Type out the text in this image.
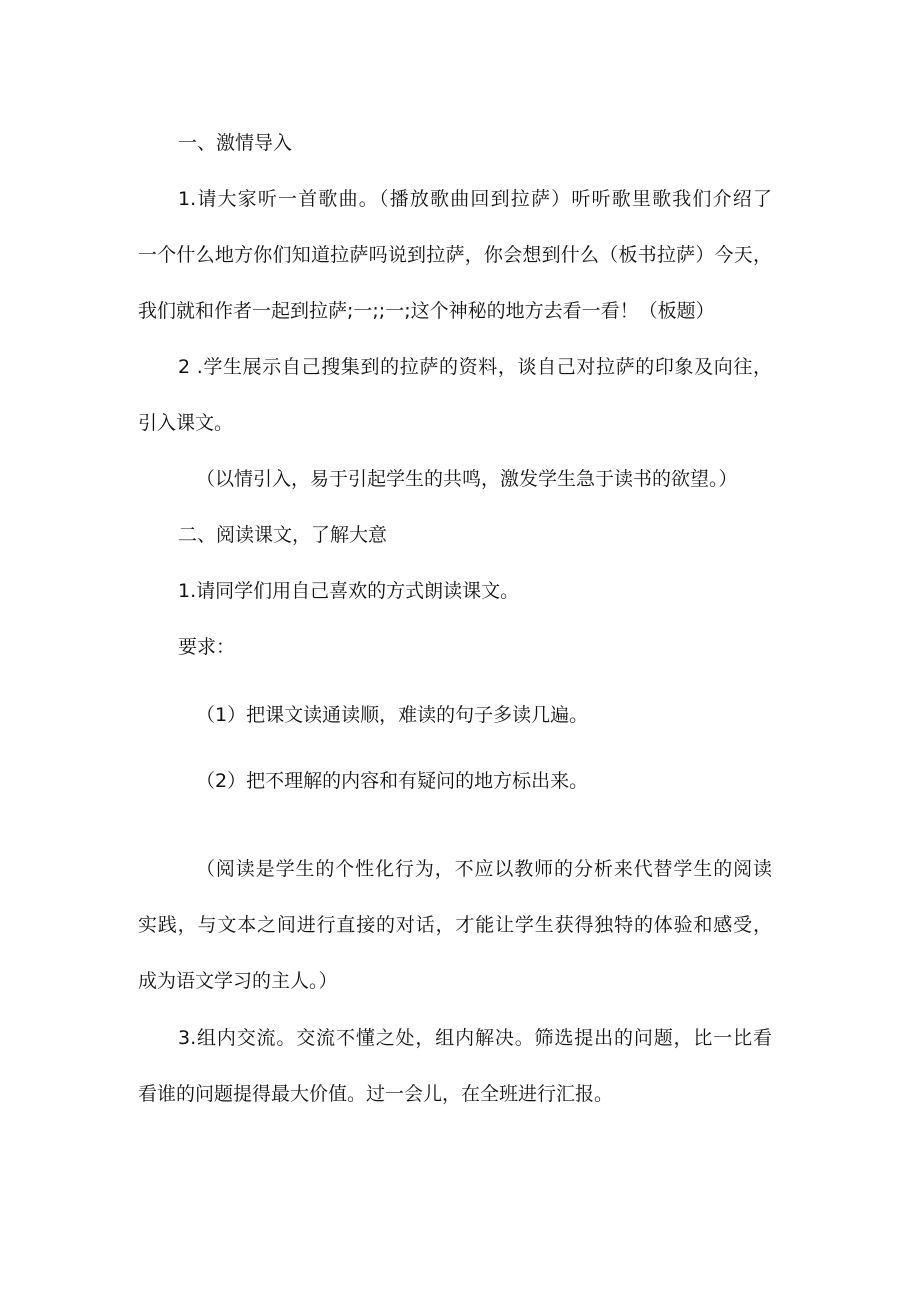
一、激情导入
1.请大家听一首歌曲。（播放歌曲回到拉萨）听听歌里歌我们介绍了
一个什么地方你们知道拉萨吗说到拉萨，你会想到什么（板书拉萨）今天，
我们就和作者一起到拉萨;一;;一;这个神秘的地方去看一看！（板题）
2 .学生展示自己搜集到的拉萨的资料，谈自己对拉萨的印象及向往，
引入课文。
（以情引入，易于引起学生的共鸣，激发学生急于读书的欲望。）
二、阅读课文，了解大意
1.请同学们用自己喜欢的方式朗读课文。
要求：
（1）把课文读通读顺，难读的句子多读几遍。
（2）把不理解的内容和有疑问的地方标出来。
（阅读是学生的个性化行为，不应以教师的分析来代替学生的阅读
实践，与文本之间进行直接的对话，才能让学生获得独特的体验和感受，
成为语文学习的主人。）
3.组内交流。交流不懂之处，组内解决。筛选提出的问题，比一比看
看谁的问题提得最大价值。过一会儿，在全班进行汇报。
